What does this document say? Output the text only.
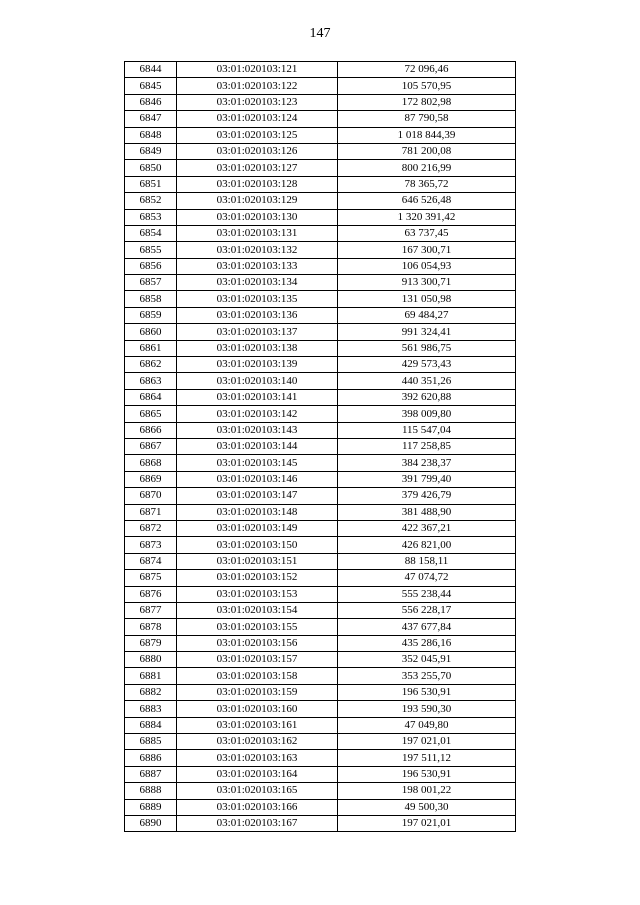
147
6844	03:01:020103:121	72 096,46
6845	03:01:020103:122	105 570,95
6846	03:01:020103:123	172 802,98
6847	03:01:020103:124	87 790,58
6848	03:01:020103:125	1 018 844,39
6849	03:01:020103:126	781 200,08
6850	03:01:020103:127	800 216,99
6851	03:01:020103:128	78 365,72
6852	03:01:020103:129	646 526,48
6853	03:01:020103:130	1 320 391,42
6854	03:01:020103:131	63 737,45
6855	03:01:020103:132	167 300,71
6856	03:01:020103:133	106 054,93
6857	03:01:020103:134	913 300,71
6858	03:01:020103:135	131 050,98
6859	03:01:020103:136	69 484,27
6860	03:01:020103:137	991 324,41
6861	03:01:020103:138	561 986,75
6862	03:01:020103:139	429 573,43
6863	03:01:020103:140	440 351,26
6864	03:01:020103:141	392 620,88
6865	03:01:020103:142	398 009,80
6866	03:01:020103:143	115 547,04
6867	03:01:020103:144	117 258,85
6868	03:01:020103:145	384 238,37
6869	03:01:020103:146	391 799,40
6870	03:01:020103:147	379 426,79
6871	03:01:020103:148	381 488,90
6872	03:01:020103:149	422 367,21
6873	03:01:020103:150	426 821,00
6874	03:01:020103:151	88 158,11
6875	03:01:020103:152	47 074,72
6876	03:01:020103:153	555 238,44
6877	03:01:020103:154	556 228,17
6878	03:01:020103:155	437 677,84
6879	03:01:020103:156	435 286,16
6880	03:01:020103:157	352 045,91
6881	03:01:020103:158	353 255,70
6882	03:01:020103:159	196 530,91
6883	03:01:020103:160	193 590,30
6884	03:01:020103:161	47 049,80
6885	03:01:020103:162	197 021,01
6886	03:01:020103:163	197 511,12
6887	03:01:020103:164	196 530,91
6888	03:01:020103:165	198 001,22
6889	03:01:020103:166	49 500,30
6890	03:01:020103:167	197 021,01
